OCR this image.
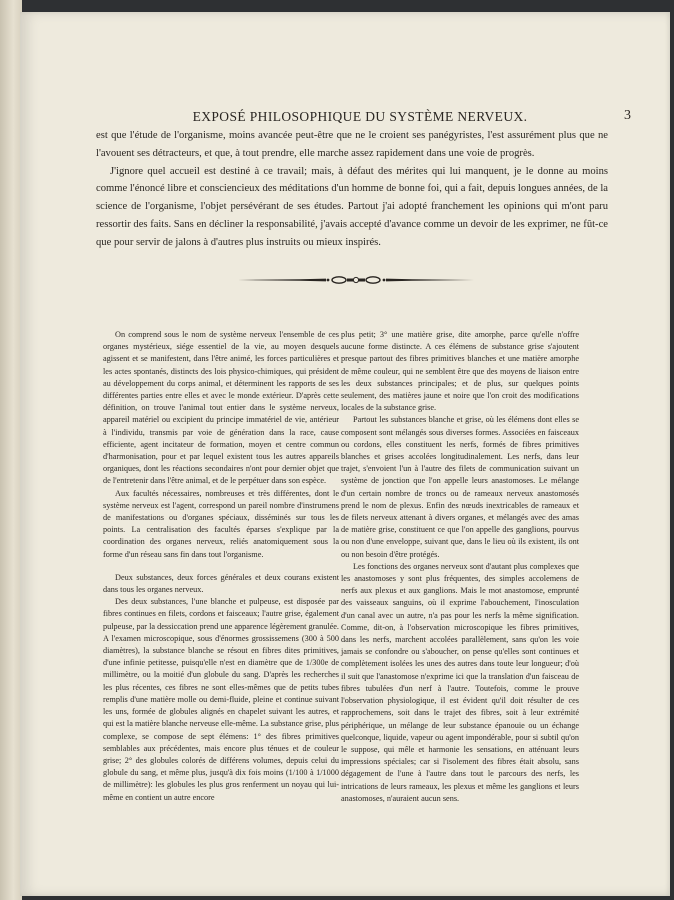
EXPOSÉ PHILOSOPHIQUE DU SYSTÈME NERVEUX.	3

est que l'étude de l'organisme, moins avancée peut-être que ne le croient ses panégyristes, l'est assurément plus que ne l'avouent ses détracteurs, et que, à tout prendre, elle marche assez rapidement dans une voie de progrès.

J'ignore quel accueil est destiné à ce travail; mais, à défaut des mérites qui lui manquent, je le donne au moins comme l'énoncé libre et consciencieux des méditations d'un homme de bonne foi, qui a fait, depuis longues années, de la science de l'organisme, l'objet persévérant de ses études. Partout j'ai adopté franchement les opinions qui m'ont paru ressortir des faits. Sans en décliner la responsabilité, j'avais accepté d'avance comme un devoir de les exprimer, ne fût-ce que pour servir de jalons à d'autres plus instruits ou mieux inspirés.

On comprend sous le nom de système nerveux l'ensemble de ces organes mystérieux, siége essentiel de la vie, au moyen desquels agissent et se manifestent, dans l'être animé, les forces particulières et les actes spontanés, distincts des lois physico-chimiques, qui président au développement du corps animal, et déterminent les rapports de ses différentes parties entre elles et avec le monde extérieur. D'après cette définition, on trouve l'animal tout entier dans le système nerveux, appareil matériel ou excipient du principe immatériel de vie, antérieur à l'individu, transmis par voie de génération dans la race, cause efficiente, agent incitateur de formation, moyen et centre commun d'harmonisation, pour et par lequel existent tous les autres appareils organiques, dont les réactions secondaires n'ont pour dernier objet que de l'entretenir dans l'être animal, et de le perpétuer dans son espèce.

Aux facultés nécessaires, nombreuses et très différentes, dont le système nerveux est l'agent, correspond un pareil nombre d'instrumens de manifestations ou d'organes spéciaux, disséminés sur tous les points. La centralisation des facultés éparses s'explique par la coordination des organes nerveux, reliés anatomiquement sous la forme d'un réseau sans fin dans tout l'organisme.

Deux substances, deux forces générales et deux courans existent dans tous les organes nerveux.

Des deux substances, l'une blanche et pulpeuse, est disposée par fibres continues en filets, cordons et faisceaux; l'autre grise, également pulpeuse, par la dessiccation prend une apparence légèrement granulée. A l'examen microscopique, sous d'énormes grossissemens (300 à 500 diamètres), la substance blanche se résout en fibres dites primitives, d'une infinie petitesse, puisqu'elle n'est en diamètre que de 1/300e de millimètre, ou la moitié d'un globule du sang. D'après les recherches les plus récentes, ces fibres ne sont elles-mêmes que de petits tubes remplis d'une matière molle ou demi-fluide, pleine et continue suivant les uns, formée de globules alignés en chapelet suivant les autres, et qui est la matière blanche nerveuse elle-même. La substance grise, plus complexe, se compose de sept élémens: 1° des fibres primitives semblables aux précédentes, mais encore plus ténues et de couleur grise; 2° des globules colorés de différens volumes, depuis celui du globule du sang, et même plus, jusqu'à dix fois moins (1/100 à 1/1000 de millimètre): les globules les plus gros renferment un noyau qui lui-même en contient un autre encore

plus petit; 3° une matière grise, dite amorphe, parce qu'elle n'offre aucune forme distincte. A ces élémens de substance grise s'ajoutent presque partout des fibres primitives blanches et une matière amorphe de même couleur, qui ne semblent être que des moyens de liaison entre les deux substances principales; et de plus, sur quelques points seulement, des matières jaune et noire que l'on croit des modifications locales de la substance grise.

Partout les substances blanche et grise, où les élémens dont elles se composent sont mélangés sous diverses formes. Associées en faisceaux ou cordons, elles constituent les nerfs, formés de fibres primitives blanches et grises accolées longitudinalement. Les nerfs, dans leur trajet, s'envoient l'un à l'autre des filets de communication suivant un système de jonction que l'on appelle leurs anastomoses. Le mélange d'un certain nombre de troncs ou de rameaux nerveux anastomosés prend le nom de plexus. Enfin des nœuds inextricables de rameaux et de filets nerveux attenant à divers organes, et mélangés avec des amas de matière grise, constituent ce que l'on appelle des ganglions, pourvus ou non d'une enveloppe, suivant que, dans le lieu où ils existent, ils ont ou non besoin d'être protégés.

Les fonctions des organes nerveux sont d'autant plus complexes que les anastomoses y sont plus fréquentes, des simples accolemens de nerfs aux plexus et aux ganglions. Mais le mot anastomose, emprunté des vaisseaux sanguins, où il exprime l'abouchement, l'inosculation d'un canal avec un autre, n'a pas pour les nerfs la même signification. Comme, dit-on, à l'observation microscopique les fibres primitives, dans les nerfs, marchent accolées parallèlement, sans qu'on les voie jamais se confondre ou s'aboucher, on pense qu'elles sont continues et complètement isolées les unes des autres dans toute leur longueur; d'où il suit que l'anastomose n'exprime ici que la translation d'un faisceau de fibres tubulées d'un nerf à l'autre. Toutefois, comme le prouve l'observation physiologique, il est évident qu'il doit résulter de ces rapprochemens, soit dans le trajet des fibres, soit à leur extrémité périphérique, un mélange de leur substance épanouie ou un échange quelconque, liquide, vapeur ou agent impondérable, pour si subtil qu'on le suppose, qui mêle et harmonie les sensations, en atténuant leurs impressions spéciales; car si l'isolement des fibres était absolu, sans dégagement de l'une à l'autre dans tout le parcours des nerfs, les intrications de leurs rameaux, les plexus et même les ganglions et leurs anastomoses, n'auraient aucun sens.
